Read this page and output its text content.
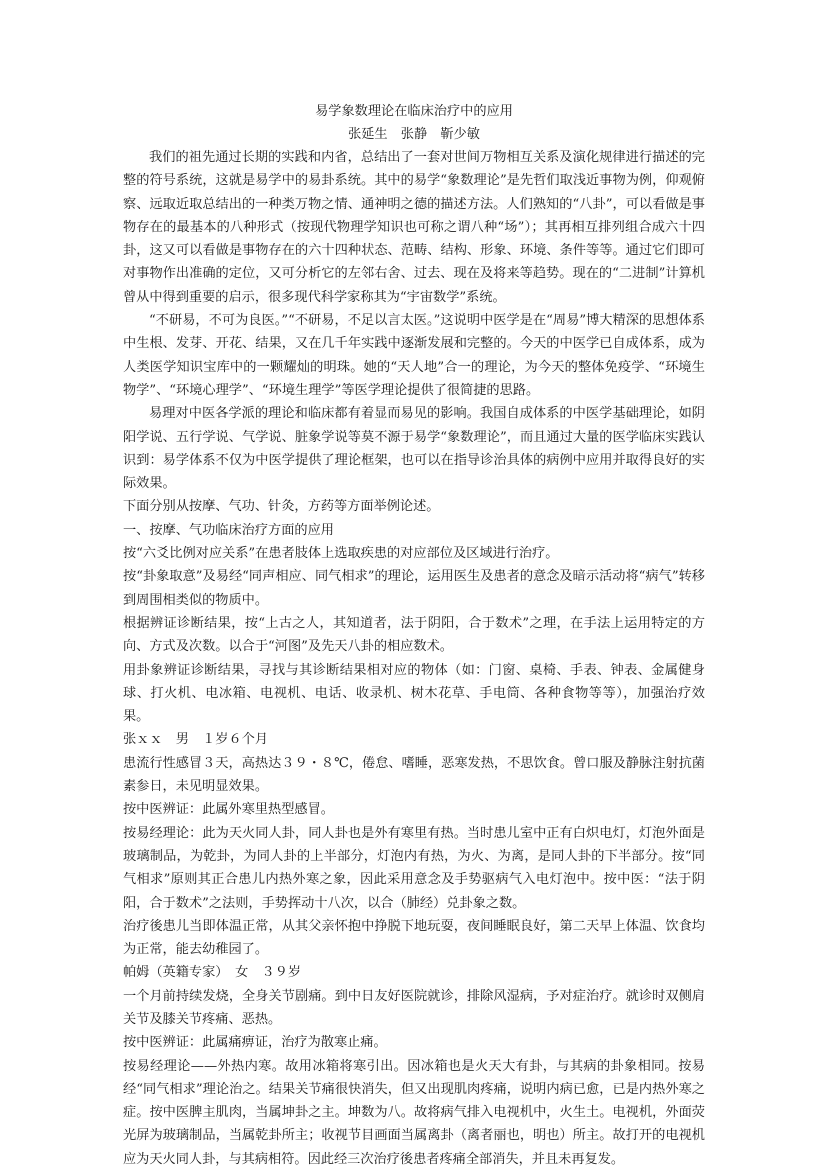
易学象数理论在临床治疗中的应用

张延生　张静　靳少敏

我们的祖先通过长期的实践和内省，总结出了一套对世间万物相互关系及演化规律进行描述的完整的符号系统，这就是易学中的易卦系统。其中的易学“象数理论”是先哲们取浅近事物为例，仰观俯察、远取近取总结出的一种类万物之情、通神明之德的描述方法。人们熟知的“八卦”，可以看做是事物存在的最基本的八种形式（按现代物理学知识也可称之谓八种“场”）；其再相互排列组合成六十四卦，这又可以看做是事物存在的六十四种状态、范畴、结构、形象、环境、条件等等。通过它们即可对事物作出准确的定位，又可分析它的左邻右舍、过去、现在及将来等趋势。现在的“二进制”计算机曾从中得到重要的启示，很多现代科学家称其为“宇宙数学”系统。

“不研易，不可为良医。”“不研易，不足以言太医。”这说明中医学是在“周易”博大精深的思想体系中生根、发芽、开花、结果，又在几千年实践中逐渐发展和完整的。今天的中医学已自成体系，成为人类医学知识宝库中的一颗耀灿的明珠。她的“天人地”合一的理论，为今天的整体免疫学、“环境生物学”、“环境心理学”、“环境生理学”等医学理论提供了很简捷的思路。

易理对中医各学派的理论和临床都有着显而易见的影响。我国自成体系的中医学基础理论，如阴阳学说、五行学说、气学说、脏象学说等莫不源于易学“象数理论”，而且通过大量的医学临床实践认识到：易学体系不仅为中医学提供了理论框架，也可以在指导诊治具体的病例中应用并取得良好的实际效果。

下面分别从按摩、气功、针灸，方药等方面举例论述。

一、按摩、气功临床治疗方面的应用

按“六爻比例对应关系”在患者肢体上选取疾患的对应部位及区域进行治疗。

按“卦象取意”及易经“同声相应、同气相求”的理论，运用医生及患者的意念及暗示活动将“病气”转移到周围相类似的物质中。

根据辨证诊断结果，按“上古之人，其知道者，法于阴阳，合于数术”之理，在手法上运用特定的方向、方式及次数。以合于“河图”及先天八卦的相应数术。

用卦象辨证诊断结果，寻找与其诊断结果相对应的物体（如：门窗、桌椅、手表、钟表、金属健身球、打火机、电冰箱、电视机、电话、收录机、树木花草、手电筒、各种食物等等），加强治疗效果。

张ｘｘ　男　１岁６个月

患流行性感冒３天，高热达３９・８℃，倦怠、嗜睡，恶寒发热，不思饮食。曾口服及静脉注射抗菌素参日，未见明显效果。

按中医辨证：此属外寒里热型感冒。

按易经理论：此为天火同人卦，同人卦也是外有寒里有热。当时患儿室中正有白炽电灯，灯泡外面是玻璃制品，为乾卦，为同人卦的上半部分，灯泡内有热，为火、为离，是同人卦的下半部分。按“同气相求”原则其正合患儿内热外寒之象，因此采用意念及手势驱病气入电灯泡中。按中医：“法于阴阳，合于数术”之法则，手势挥动十八次，以合（肺经）兑卦象之数。

治疗後患儿当即体温正常，从其父亲怀抱中挣脱下地玩耍，夜间睡眠良好，第二天早上体温、饮食均为正常，能去幼稚园了。

帕姆（英籍专家）　女　３９岁

一个月前持续发烧，全身关节剧痛。到中日友好医院就诊，排除风湿病，予对症治疗。就诊时双侧肩关节及膝关节疼痛、恶热。

按中医辨证：此属痛痹证，治疗为散寒止痛。

按易经理论——外热内寒。故用冰箱将寒引出。因冰箱也是火天大有卦，与其病的卦象相同。按易经“同气相求”理论治之。结果关节痛很快消失，但又出现肌肉疼痛，说明内病已愈，已是内热外寒之症。按中医脾主肌肉，当属坤卦之主。坤数为八。故将病气排入电视机中，火生土。电视机，外面荧光屏为玻璃制品，当属乾卦所主；收视节目画面当属离卦（离者丽也，明也）所主。故打开的电视机应为天火同人卦，与其病相符。因此经三次治疗後患者疼痛全部消失，并且未再复发。
